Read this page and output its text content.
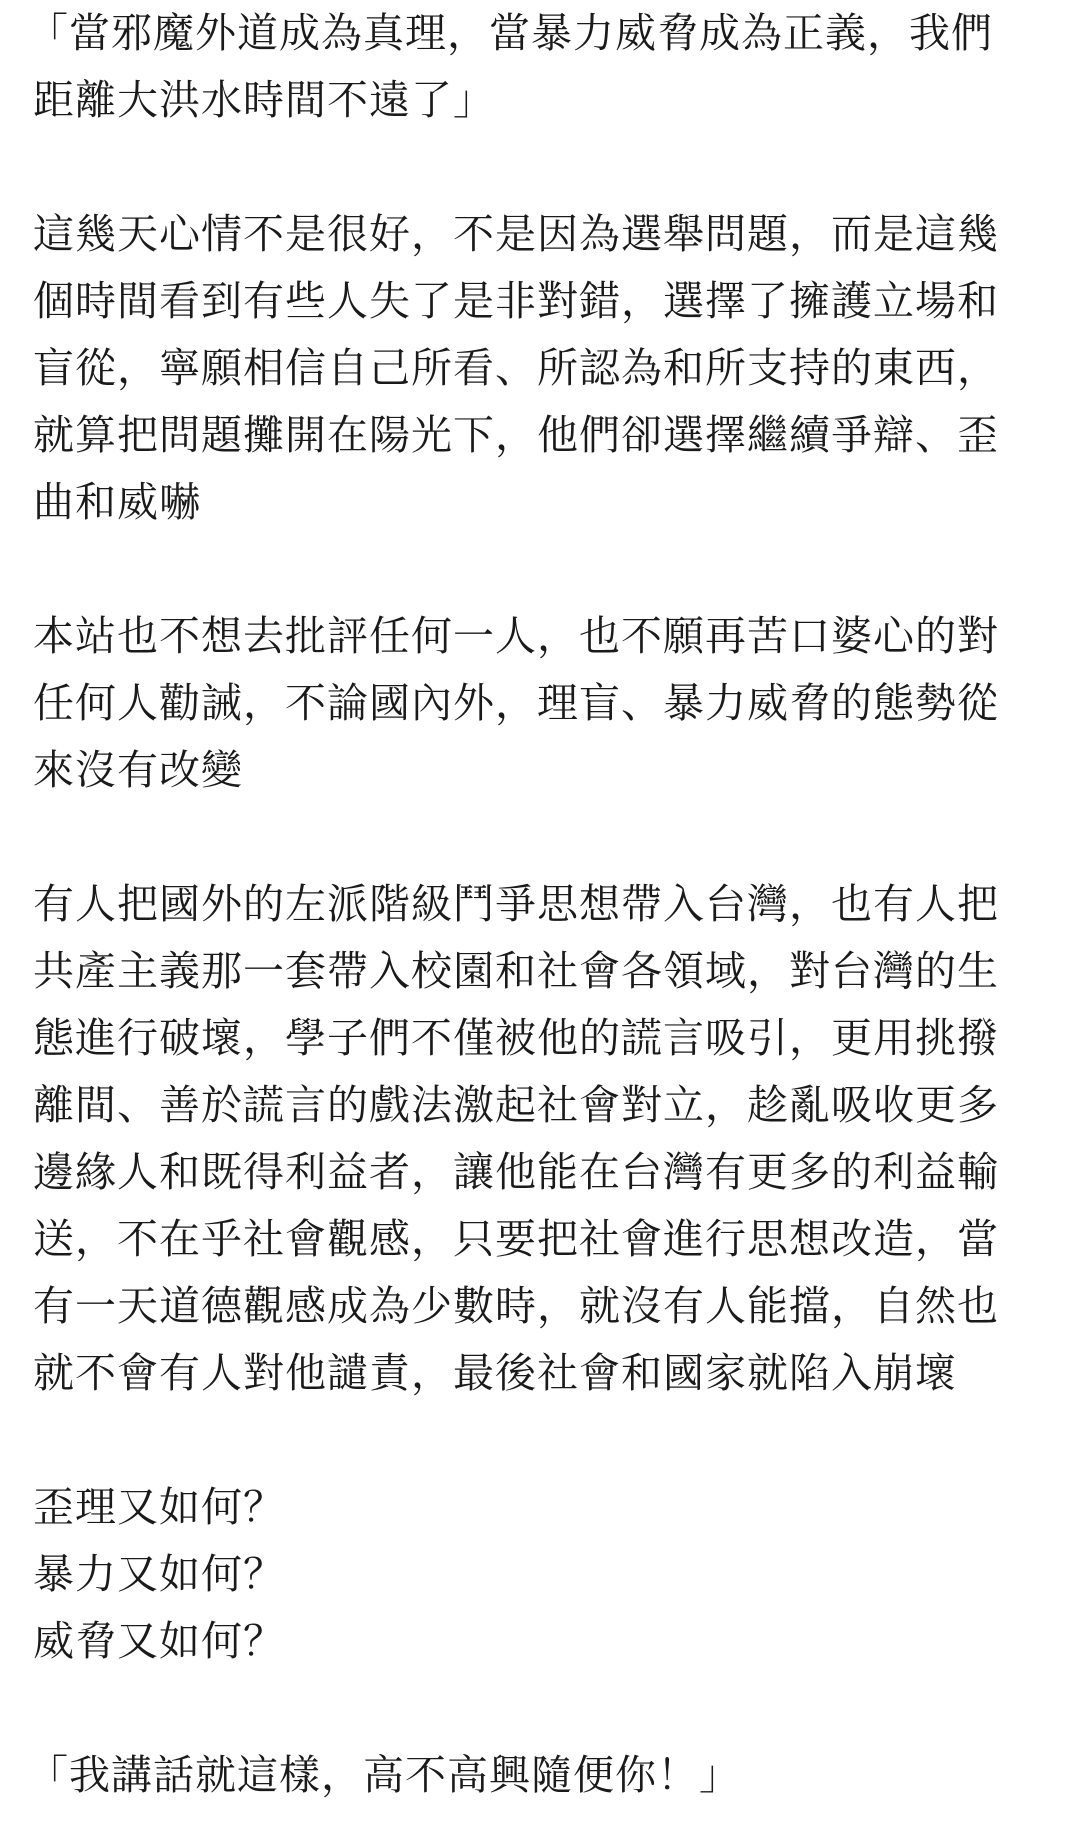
「當邪魔外道成為真理，當暴力威脅成為正義，我們
距離大洪水時間不遠了」
這幾天心情不是很好，不是因為選舉問題，而是這幾
個時間看到有些人失了是非對錯，選擇了擁護立場和
盲從，寧願相信自己所看、所認為和所支持的東西，
就算把問題攤開在陽光下，他們卻選擇繼續爭辯、歪
曲和威嚇
本站也不想去批評任何一人，也不願再苦口婆心的對
任何人勸誡，不論國內外，理盲、暴力威脅的態勢從
來沒有改變
有人把國外的左派階級鬥爭思想帶入台灣，也有人把
共產主義那一套帶入校園和社會各領域，對台灣的生
態進行破壞，學子們不僅被他的謊言吸引，更用挑撥
離間、善於謊言的戲法激起社會對立，趁亂吸收更多
邊緣人和既得利益者，讓他能在台灣有更多的利益輸
送，不在乎社會觀感，只要把社會進行思想改造，當
有一天道德觀感成為少數時，就沒有人能擋，自然也
就不會有人對他譴責，最後社會和國家就陷入崩壞
歪理又如何？
暴力又如何？
威脅又如何？
「我講話就這樣，高不高興隨便你！」
